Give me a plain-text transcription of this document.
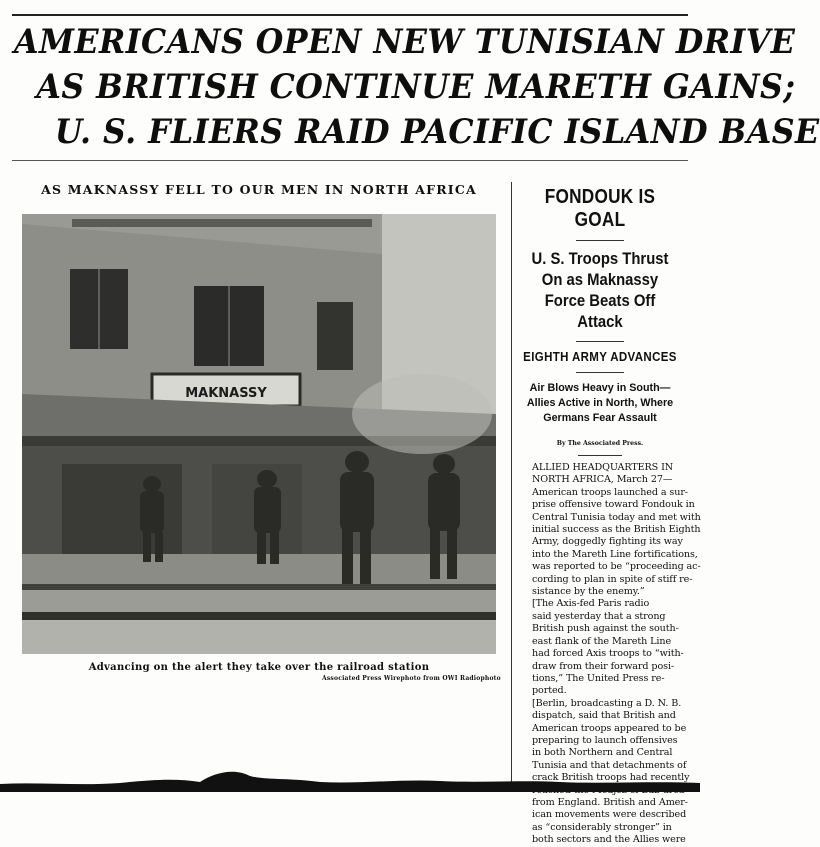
AMERICANS OPEN NEW TUNISIAN DRIVE
AS BRITISH CONTINUE MARETH GAINS;
U. S. FLIERS RAID PACIFIC ISLAND BASE
AS MAKNASSY FELL TO OUR MEN IN NORTH AFRICA
MAKNASSY
Advancing on the alert they take over the railroad station
Associated Press Wirephoto from OWI Radiophoto
FONDOUK IS GOAL
U. S. Troops Thrust On as Maknassy Force Beats Off Attack
EIGHTH ARMY ADVANCES
Air Blows Heavy in South— Allies Active in North, Where Germans Fear Assault
By The Associated Press.

ALLIED HEADQUARTERS IN
NORTH AFRICA, March 27—
American troops launched a sur-
prise offensive toward Fondouk in
Central Tunisia today and met with
initial success as the British Eighth
Army, doggedly fighting its way
into the Mareth Line fortifications,
was reported to be “proceeding ac-
cording to plan in spite of stiff re-
sistance by the enemy.”

[The Axis-fed Paris radio
said yesterday that a strong
British push against the south-
east flank of the Mareth Line
had forced Axis troops to “with-
draw from their forward posi-
tions,” The United Press re-
ported.

[Berlin, broadcasting a D. N. B.
dispatch, said that British and
American troops appeared to be
preparing to launch offensives
in both Northern and Central
Tunisia and that detachments of
crack British troops had recently
from England. British and Amer-
ican movements were described
as “considerably stronger” in
both sectors and the Allies were
